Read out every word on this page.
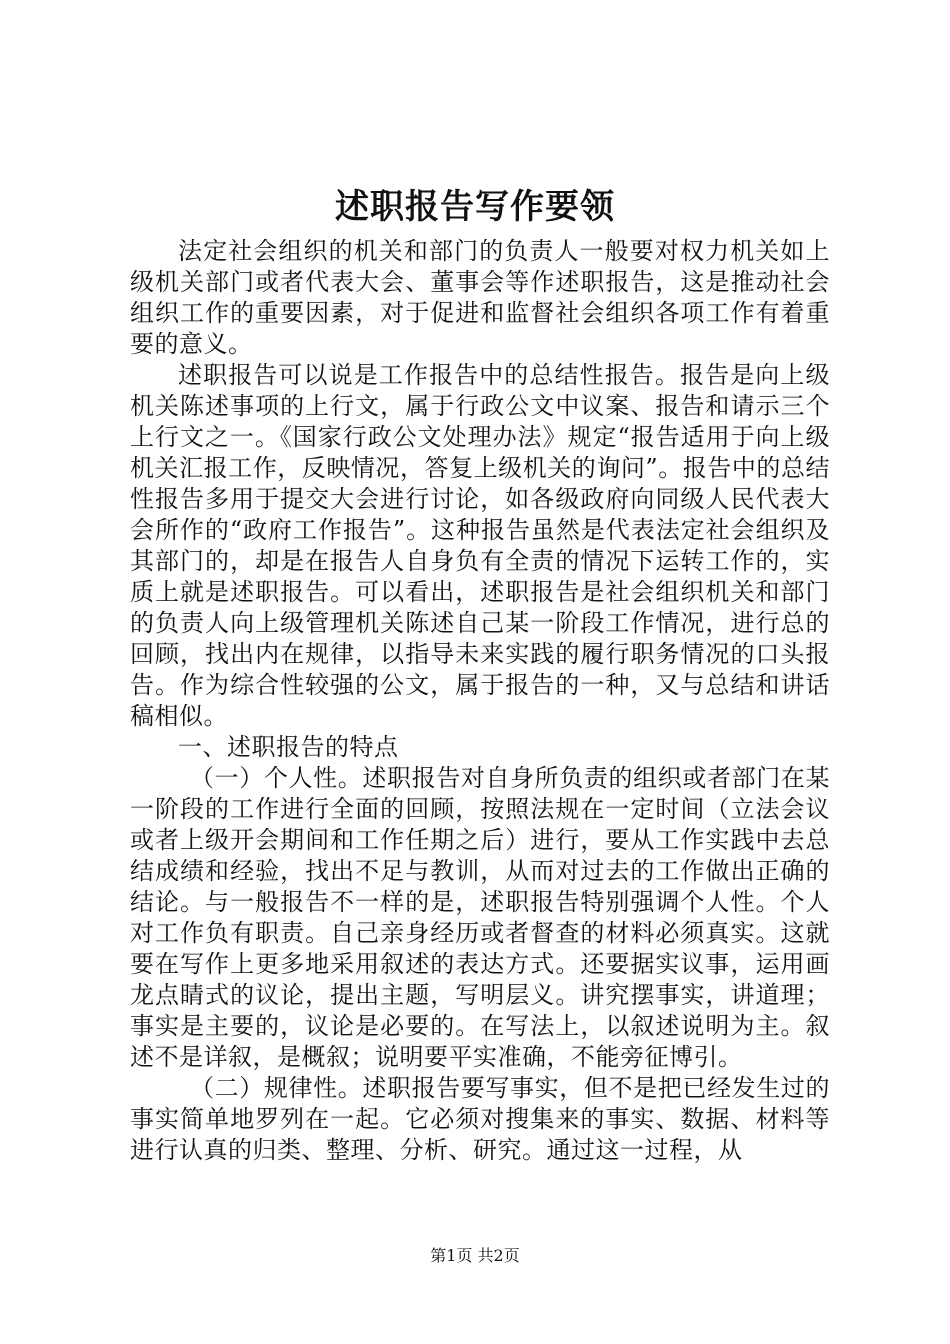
述职报告写作要领

法定社会组织的机关和部门的负责人一般要对权力机关如上级机关部门或者代表大会、董事会等作述职报告，这是推动社会组织工作的重要因素，对于促进和监督社会组织各项工作有着重要的意义。

述职报告可以说是工作报告中的总结性报告。报告是向上级机关陈述事项的上行文，属于行政公文中议案、报告和请示三个上行文之一。《国家行政公文处理办法》规定“报告适用于向上级机关汇报工作，反映情况，答复上级机关的询问”。报告中的总结性报告多用于提交大会进行讨论，如各级政府向同级人民代表大会所作的“政府工作报告”。这种报告虽然是代表法定社会组织及其部门的，却是在报告人自身负有全责的情况下运转工作的，实质上就是述职报告。可以看出，述职报告是社会组织机关和部门的负责人向上级管理机关陈述自己某一阶段工作情况，进行总的回顾，找出内在规律，以指导未来实践的履行职务情况的口头报告。作为综合性较强的公文，属于报告的一种，又与总结和讲话稿相似。

一、述职报告的特点

（一）个人性。述职报告对自身所负责的组织或者部门在某一阶段的工作进行全面的回顾，按照法规在一定时间（立法会议或者上级开会期间和工作任期之后）进行，要从工作实践中去总结成绩和经验，找出不足与教训，从而对过去的工作做出正确的结论。与一般报告不一样的是，述职报告特别强调个人性。个人对工作负有职责。自己亲身经历或者督查的材料必须真实。这就要在写作上更多地采用叙述的表达方式。还要据实议事，运用画龙点睛式的议论，提出主题，写明层义。讲究摆事实，讲道理；事实是主要的，议论是必要的。在写法上，以叙述说明为主。叙述不是详叙，是概叙；说明要平实准确，不能旁征博引。

（二）规律性。述职报告要写事实，但不是把已经发生过的事实简单地罗列在一起。它必须对搜集来的事实、数据、材料等进行认真的归类、整理、分析、研究。通过这一过程，从

第1页 共2页
